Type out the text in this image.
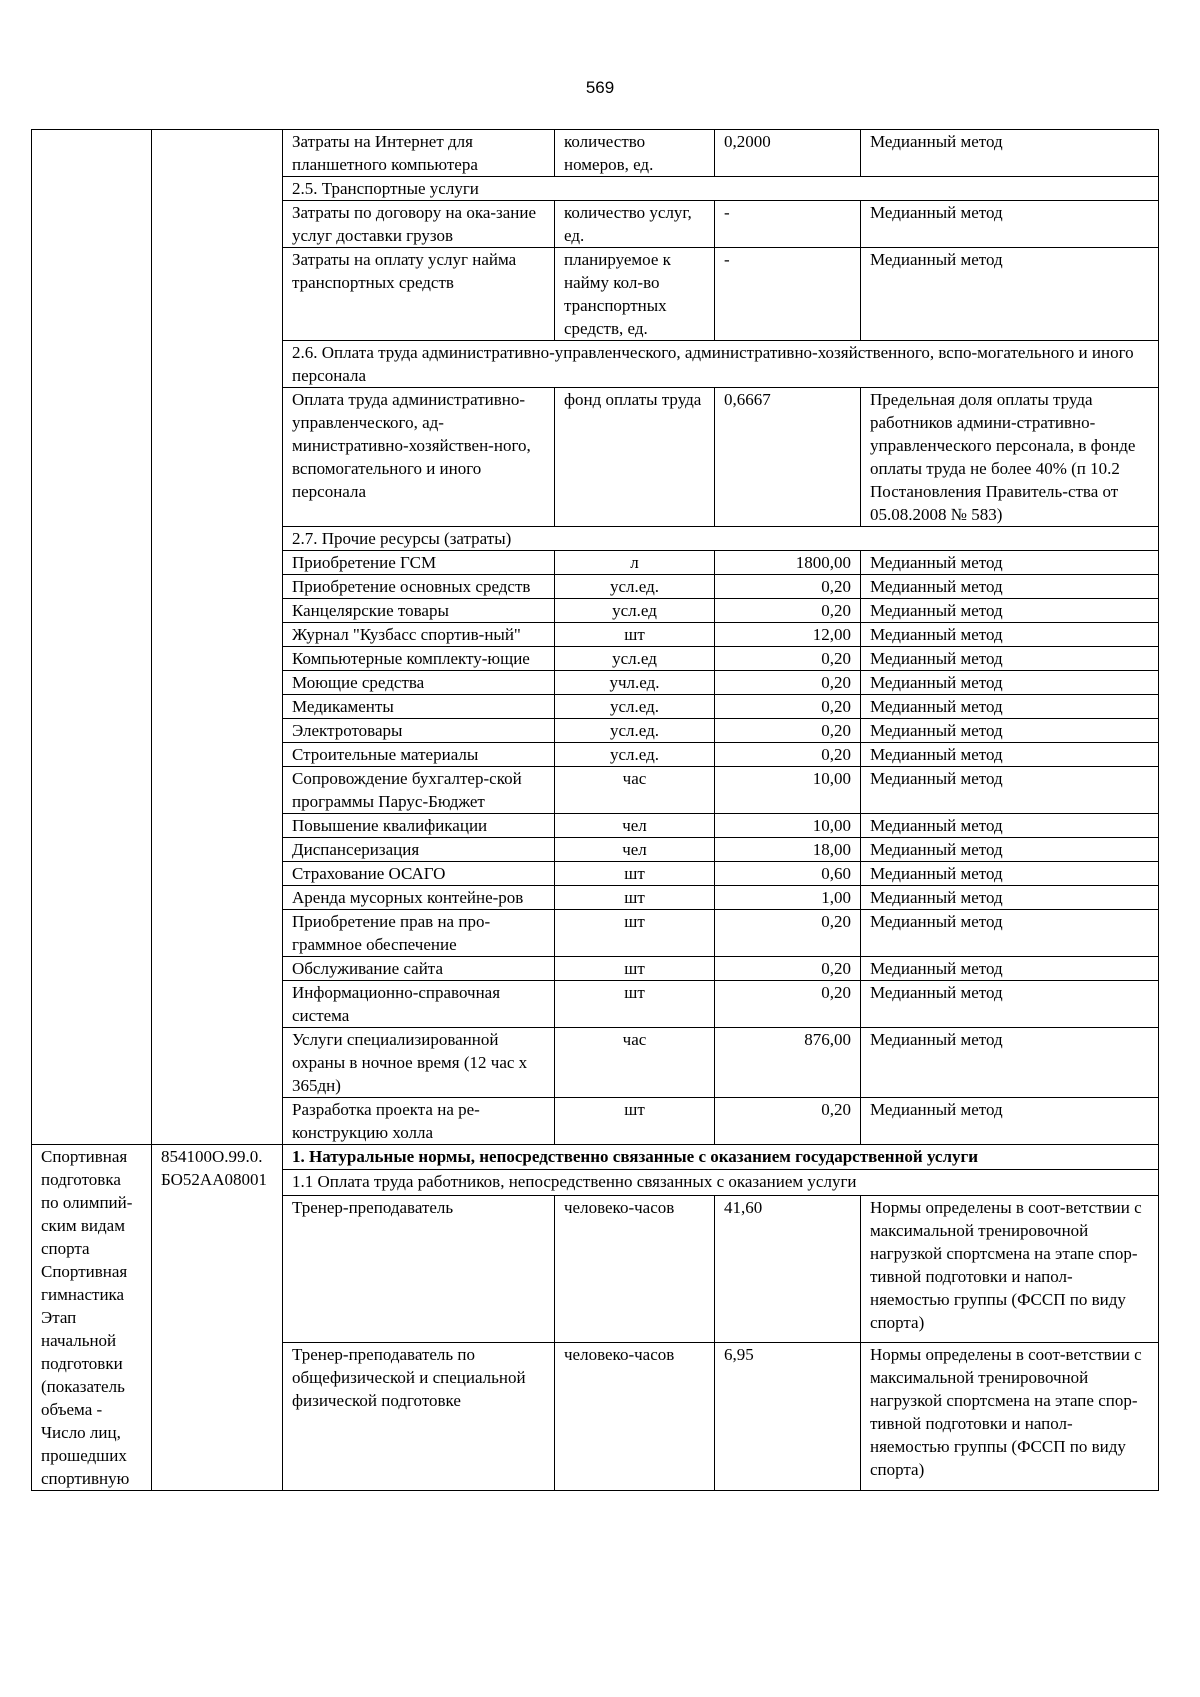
569
		Затраты на Интернет для планшетного компьютера	количество номеров, ед.	0,2000	Медианный метод
		2.5. Транспортные услуги			
		Затраты по договору на ока-зание услуг доставки грузов	количество услуг, ед.	-	Медианный метод
		Затраты на оплату услуг найма транспортных средств	планируемое к найму кол-во транспортных средств, ед.	-	Медианный метод
		2.6. Оплата труда административно-управленческого, административно-хозяйственного, вспо-могательного и иного персонала			
		Оплата труда административно-управленческого, ад-министративно-хозяйствен-ного, вспомогательного и иного персонала	фонд оплаты труда	0,6667	Предельная доля оплаты труда работников админи-стративно-управленческого персонала, в фонде оплаты труда не более 40% (п 10.2 Постановления Правитель-ства от 05.08.2008 № 583)
		2.7. Прочие ресурсы (затраты)			
		Приобретение ГСМ	л	1800,00	Медианный метод
		Приобретение основных средств	усл.ед.	0,20	Медианный метод
		Канцелярские товары	усл.ед	0,20	Медианный метод
		Журнал "Кузбасс спортив-ный"	шт	12,00	Медианный метод
		Компьютерные комплекту-ющие	усл.ед	0,20	Медианный метод
		Моющие средства	учл.ед.	0,20	Медианный метод
		Медикаменты	усл.ед.	0,20	Медианный метод
		Электротовары	усл.ед.	0,20	Медианный метод
		Строительные материалы	усл.ед.	0,20	Медианный метод
		Сопровождение бухгалтер-ской программы Парус-Бюджет	час	10,00	Медианный метод
		Повышение квалификации	чел	10,00	Медианный метод
		Диспансеризация	чел	18,00	Медианный метод
		Страхование ОСАГО	шт	0,60	Медианный метод
		Аренда мусорных контейне-ров	шт	1,00	Медианный метод
		Приобретение прав на про-граммное обеспечение	шт	0,20	Медианный метод
		Обслуживание сайта	шт	0,20	Медианный метод
		Информационно-справочная система	шт	0,20	Медианный метод
		Услуги специализированной охраны в ночное время (12 час х 365дн)	час	876,00	Медианный метод
		Разработка проекта на ре-конструкцию холла	шт	0,20	Медианный метод
Спортивная подготовка по олимпий-ским видам спорта Спортивная гимнастика Этап начальной подготовки (показатель объема - Число лиц, прошедших спортивную	854100О.99.0. БО52АА08001	1. Натуральные нормы, непосредственно связанные с оказанием государственной услуги			
		1.1 Оплата труда работников, непосредственно связанных с оказанием услуги			
		Тренер-преподаватель	человеко-часов	41,60	Нормы определены в соот-ветствии с максимальной тренировочной нагрузкой спортсмена на этапе спор-тивной подготовки и напол-няемостью группы (ФССП по виду спорта)
		Тренер-преподаватель по общефизической и специальной физической подготовке	человеко-часов	6,95	Нормы определены в соот-ветствии с максимальной тренировочной нагрузкой спортсмена на этапе спор-тивной подготовки и напол-няемостью группы (ФССП по виду спорта)
